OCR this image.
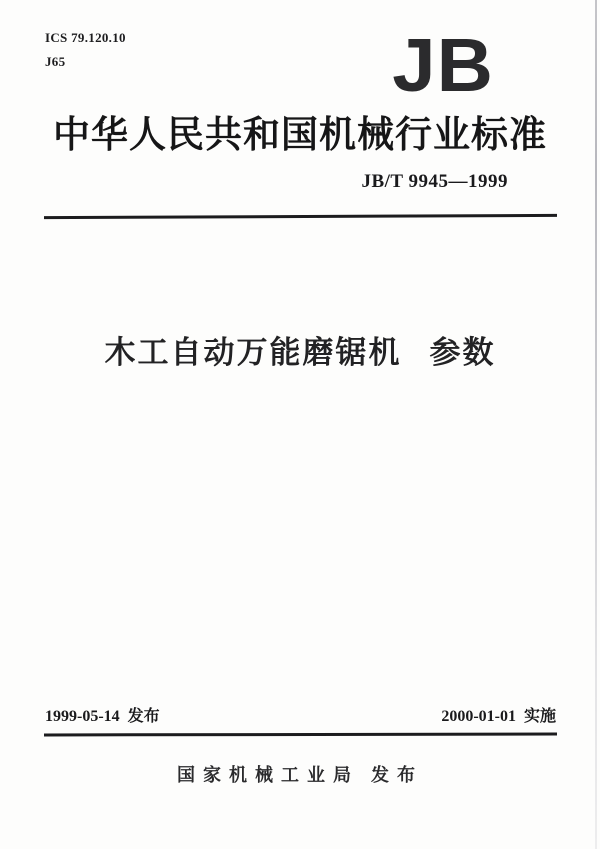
ICS 79.120.10
J65	JB
中华人民共和国机械行业标准
JB/T 9945—1999
木工自动万能磨锯机 参数
1999-05-14 发布	2000-01-01 实施
国家机械工业局 发布
